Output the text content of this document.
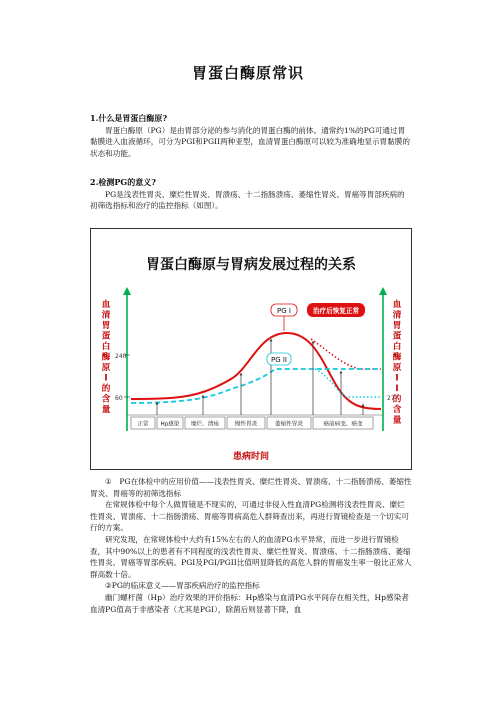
胃蛋白酶原常识
1.什么是胃蛋白酶原?
胃蛋白酶原（PG）是由胃部分泌的参与消化的胃蛋白酶的前体。通常约1%的PG可通过胃黏膜进入血液循环，可分为PGI和PGII两种亚型，血清胃蛋白酶原可以较为准确地显示胃黏膜的状态和功能。
2.检测PG的意义?
PG是浅表性胃炎、糜烂性胃炎、胃溃疡、十二指肠溃疡、萎缩性胃炎、胃癌等胃部疾病的初筛选指标和治疗的监控指标（如图）。
胃蛋白酶原与胃病发展过程的关系
血
清
胃
蛋
白
酶
原
I
的
含
量
血
清
胃
蛋
白
酶
原
I
I
的
含
量
240
60	27
PG I
PG II
治疗后恢复正常
正常 Hp感染 糜烂、溃疡	慢性胃炎	萎缩性胃炎	癌前病变、癌变
患病时间
①　PG在体检中的应用价值——浅表性胃炎、糜烂性胃炎、胃溃疡、十二指肠溃疡、萎缩性胃炎、胃癌等的初筛选指标
在常规体检中每个人做胃镜是不现实的，可通过非侵入性血清PG检测将浅表性胃炎、糜烂性胃炎、胃溃疡、十二指肠溃疡、胃癌等胃病高危人群筛查出来，再进行胃镜检查是一个切实可行的方案。
研究发现，在常规体检中大约有15%左右的人的血清PG水平异常，而进一步进行胃镜检查，其中90%以上的患者有不同程度的浅表性胃炎、糜烂性胃炎、胃溃疡、十二指肠溃疡、萎缩性胃炎、胃癌等胃部疾病。PGI及PGI/PGII比值明显降低的高危人群的胃癌发生率一般比正常人群高数十倍。
②PG的临床意义——胃部疾病治疗的监控指标
幽门螺杆菌（Hp）治疗效果的评价指标：Hp感染与血清PG水平间存在相关性，Hp感染者血清PG值高于非感染者（尤其是PGI），除菌后则显著下降，血
